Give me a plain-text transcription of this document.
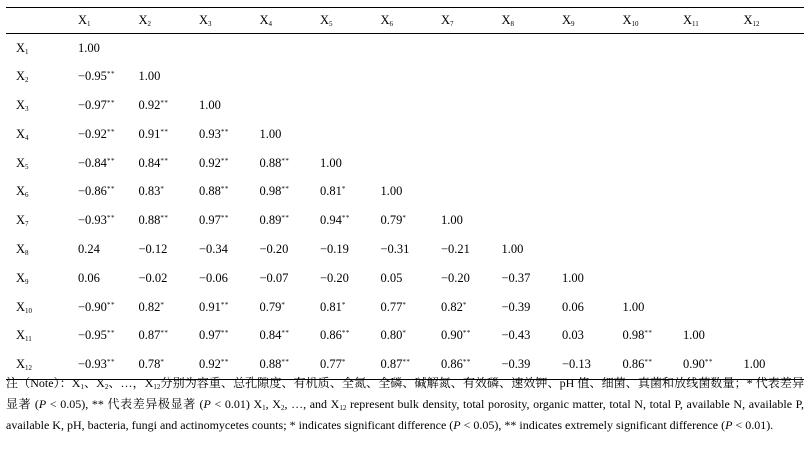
	X1	X2	X3	X4	X5	X6	X7	X8	X9	X10	X11	X12
X1	1.00											
X2	−0.95**	1.00										
X3	−0.97**	0.92**	1.00									
X4	−0.92**	0.91**	0.93**	1.00								
X5	−0.84**	0.84**	0.92**	0.88**	1.00							
X6	−0.86**	0.83*	0.88**	0.98**	0.81*	1.00						
X7	−0.93**	0.88**	0.97**	0.89**	0.94**	0.79*	1.00					
X8	0.24	−0.12	−0.34	−0.20	−0.19	−0.31	−0.21	1.00				
X9	0.06	−0.02	−0.06	−0.07	−0.20	0.05	−0.20	−0.37	1.00			
X10	−0.90**	0.82*	0.91**	0.79*	0.81*	0.77*	0.82*	−0.39	0.06	1.00		
X11	−0.95**	0.87**	0.97**	0.84**	0.86**	0.80*	0.90**	−0.43	0.03	0.98**	1.00	
X12	−0.93**	0.78*	0.92**	0.88**	0.77*	0.87**	0.86**	−0.39	−0.13	0.86**	0.90**	1.00
注（Note）：X1、X2、…，X12分别为容重、总孔隙度、有机质、全氮、全磷、碱解氮、有效磷、速效钾、pH 值、细菌、真菌和放线菌数量；* 代表差异显著 (P < 0.05), ** 代表差异极显著 (P < 0.01) X1, X2, …, and X12 represent bulk density, total porosity, organic matter, total N, total P, available N, available P, available K, pH, bacteria, fungi and actinomycetes counts; * indicates significant difference (P < 0.05), ** indicates extremely significant difference (P < 0.01).
